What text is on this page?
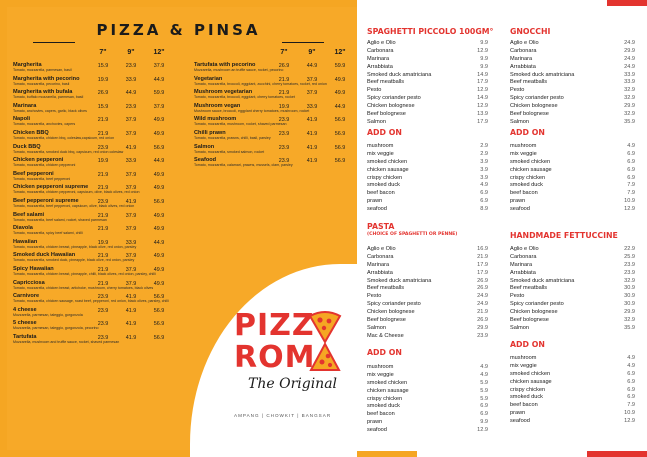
PIZZA & PINSA
7"	9"	12"	7"	9"	12"
Margherita
Tomato, mozzarella, parmesan, basil
15.9	23.9	37.9
Margherita with pecorino
Tomato, mozzarella, pecorino, basil
19.9	33.9	44.9
Margherita with bufala
Tomato, buffalo mozzarella, parmesan, basil
26.9	44.9	59.9
Marinara
Tomato, anchovies, capers, garlic, black olives
15.9	23.9	37.9
Napoli
Tomato, mozzarella, anchovies, capers
21.9	37.9	49.9
Chicken BBQ
Tomato, mozzarella, chicken bbq, coleslaw,capsicum, red onion
21.9	37.9	49.9
Duck BBQ
Tomato, mozzarella, smoked duck bbq, capsicum, red onion coleslaw
23.9	41.9	56.9
Chicken pepperoni
Tomato, mozzarella, chicken pepperoni
19.9	33.9	44.9
Beef pepperoni
Tomato, mozzarella, beef pepperoni
21.9	37.9	49.9
Chicken pepperoni supreme
Tomato, mozzarella, chicken pepperoni, capsicum, olive, black olives, red onion
21.9	37.9	49.9
Beef pepperoni supreme
Tomato, mozzarella, beef pepperoni, capsicum, olive, black olives, red onion
23.9	41.9	56.9
Beef salami
Tomato, mozzarella, beef salami, rocket, shaved parmesan
21.9	37.9	49.9
Diavola
Tomato, mozzarella, spicy beef salami, chilli
21.9	37.9	49.9
Hawaiian
Tomato, mozzarella, chicken breast, pineapple, black olive, red onion, parsley
19.9	33.9	44.9
Smoked duck Hawaiian
Tomato, mozzarella, smoked duck, pineapple, black olive, red onion, parsley
21.9	37.9	49.9
Spicy Hawaiian
Tomato, mozzarella, chicken breast, pineapple, chilli, black olives, red onion, parsley, chilli
21.9	37.9	49.9
Capricciosa
Tomato, mozzarella, chicken breast, artichoke, mushroom, cherry tomatoes, black olives
21.9	37.9	49.9
Carnivore
Tomato, mozzarella, chicken sausage, roast beef, pepperoni, red onion, black olives, parsley, chilli
23.9	41.9	56.9
4 cheese
Mozzarella, parmesan, taleggio, gorgonzola
23.9	41.9	56.9
5 cheese
Mozzarella, parmesan, taleggio, gorgonzola, pecorino
23.9	41.9	56.9
Tartufata
Mozzarella, mushroom and truffle sauce, rocket, shaved parmesan
23.9	41.9	56.9
Tartufata with pecorino
Mozzarella, mushroom an truffle sauce, rocket, pecorino
26.9	44.9	59.9
Vegetarian
Tomato, mozzarella, broccoli, eggplant, zucchini, cherry tomatoes, rocket, red onion
21.9	37.9	49.9
Mushroom vegetarian
Tomato, mozzarella, broccoli, eggplant, cherry tomatoes, rocket
21.9	37.9	49.9
Mushroom vegan
Mushroom sauce, broccoli, eggplant cherry tomatoes, mushroom, rocket
19.9	33.9	44.9
Wild mushroom
Tomato, mozzarella, mushroom, rocket, shaved parmesan
23.9	41.9	56.9
Chilli prawn
Tomato, mozzarella, prawns, chilli, basil, parsley
23.9	41.9	56.9
Salmon
Tomato, mozzarella, smoked salmon, rocket
23.9	41.9	56.9
Seafood
Tomato, mozzarella, calamari, prawns, mussels, clam, parsley
23.9	41.9	56.9
PIZZ
ROM
The Original
AMPANG | CHOWKIT | BANGSAR
SPAGHETTI PICCOLO 100GM°
Aglio e Olio	9.9
Carbonara	12.9
Marinara	9.9
Arrabbiata	9.9
Smoked duck amatriciana	14.9
Beef meatballs	17.9
Pesto	12.9
Spicy coriander pesto	14.9
Chicken bolognese	12.9
Beef bolognese	13.9
Salmon	17.9
GNOCCHI
Aglio e Olio	24.9
Carbonara	29.9
Marinara	24.9
Arrabbiata	24.9
Smoked duck amatriciana	33.9
Beef meatballs	33.9
Pesto	32.9
Spicy coriander pesto	32.9
Chicken bolognese	29.9
Beef bolognese	32.9
Salmon	35.9
ADD ON
mushroom	2.9
mix veggie	2.9
smoked chicken	3.9
chicken sausage	3.9
crispy chicken	3.9
smoked duck	4.9
beef bacon	6.9
prawn	6.9
seafood	8.9
ADD ON
mushroom	4.9
mix veggie	6.9
smoked chicken	6.9
chicken sausage	6.9
crispy chicken	6.9
smoked duck	7.9
beef bacon	7.9
prawn	10.9
seafood	12.9
PASTA
(CHOICE OF SPAGHETTI OR PENNE)
Aglio e Olio	16.9
Carbonara	21.9
Marinara	17.9
Arrabbiata	17.9
Smoked duck amatriciana	26.9
Beef meatballs	26.9
Pesto	24.9
Spicy coriander pesto	24.9
Chicken bolognese	21.9
Beef bolognese	26.9
Salmon	29.9
Mac & Cheese	23.9
HANDMADE FETTUCCINE
Aglio e Olio	22.9
Carbonara	25.9
Marinara	23.9
Arrabbiata	23.9
Smoked duck amatriciana	32.9
Beef meatballs	30.9
Pesto	30.9
Spicy coriander pesto	30.9
Chicken bolognese	29.9
Beef bolognese	32.9
Salmon	35.9
ADD ON
mushroom	4.9
mix veggie	4.9
smoked chicken	5.9
chicken sausage	5.9
crispy chicken	5.9
smoked duck	6.9
beef bacon	6.9
prawn	9.9
seafood	12.9
ADD ON
mushroom	4.9
mix veggie	4.9
smoked chicken	6.9
chicken sausage	6.9
crispy chicken	6.9
smoked duck	6.9
beef bacon	7.9
prawn	10.9
seafood	12.9
